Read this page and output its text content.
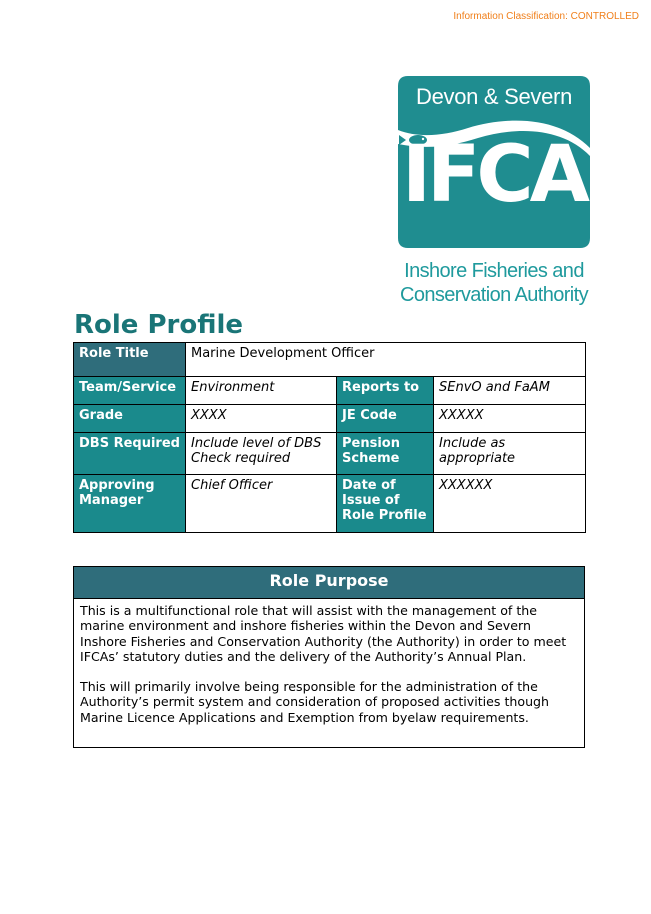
Information Classification: CONTROLLED
Devon & Severn
IFCA
Inshore Fisheries and
Conservation Authority
Role Profile
Role Title	Marine Development Officer		
Team/Service	Environment	Reports to	SEnvO and FaAM
Grade	XXXX	JE Code	XXXXX
DBS Required	Include level of DBS Check required	Pension Scheme	Include as appropriate
Approving Manager	Chief Officer	Date of Issue of Role Profile	XXXXXX
Role Purpose

This is a multifunctional role that will assist with the management of the marine environment and inshore fisheries within the Devon and Severn Inshore Fisheries and Conservation Authority (the Authority) in order to meet IFCAs’ statutory duties and the delivery of the Authority’s Annual Plan.

This will primarily involve being responsible for the administration of the Authority’s permit system and consideration of proposed activities though Marine Licence Applications and Exemption from byelaw requirements.
